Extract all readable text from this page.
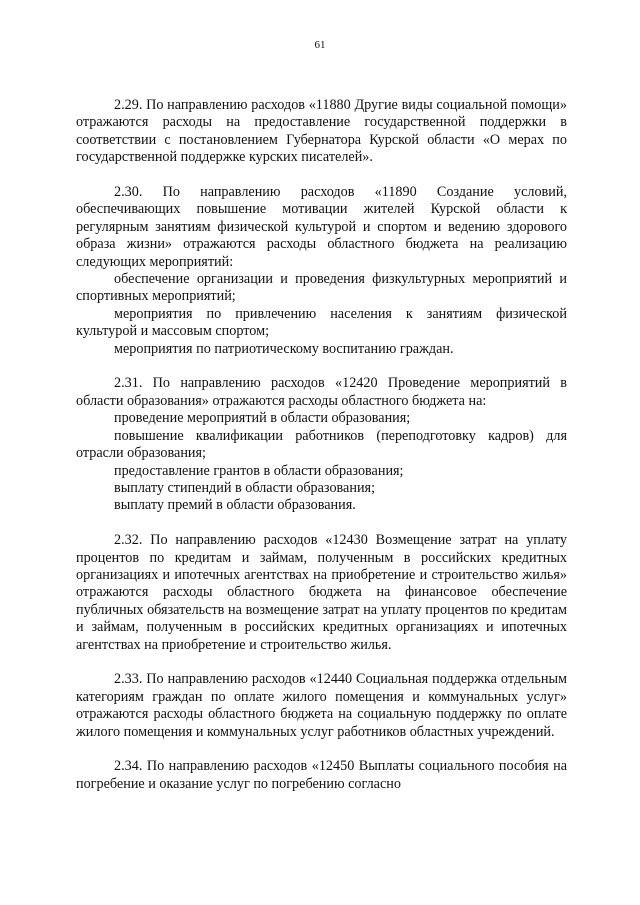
61

2.29. По направлению расходов «11880 Другие виды социальной помощи» отражаются расходы на предоставление государственной поддержки в соответствии с постановлением Губернатора Курской области «О мерах по государственной поддержке курских писателей».

2.30. По направлению расходов «11890 Создание условий, обеспечивающих повышение мотивации жителей Курской области к регулярным занятиям физической культурой и спортом и ведению здорового образа жизни» отражаются расходы областного бюджета на реализацию следующих мероприятий:

обеспечение организации и проведения физкультурных мероприятий и спортивных мероприятий;

мероприятия по привлечению населения к занятиям физической культурой и массовым спортом;

мероприятия по патриотическому воспитанию граждан.

2.31. По направлению расходов «12420 Проведение мероприятий в области образования» отражаются расходы областного бюджета на:

проведение мероприятий в области образования;

повышение квалификации работников (переподготовку кадров) для отрасли образования;

предоставление грантов в области образования;

выплату стипендий в области образования;

выплату премий в области образования.

2.32. По направлению расходов «12430 Возмещение затрат на уплату процентов по кредитам и займам, полученным в российских кредитных организациях и ипотечных агентствах на приобретение и строительство жилья» отражаются расходы областного бюджета на финансовое обеспечение публичных обязательств на возмещение затрат на уплату процентов по кредитам и займам, полученным в российских кредитных организациях и ипотечных агентствах на приобретение и строительство жилья.

2.33. По направлению расходов «12440 Социальная поддержка отдельным категориям граждан по оплате жилого помещения и коммунальных услуг» отражаются расходы областного бюджета на социальную поддержку по оплате жилого помещения и коммунальных услуг работников областных учреждений.

2.34. По направлению расходов «12450 Выплаты социального пособия на погребение и оказание услуг по погребению согласно
